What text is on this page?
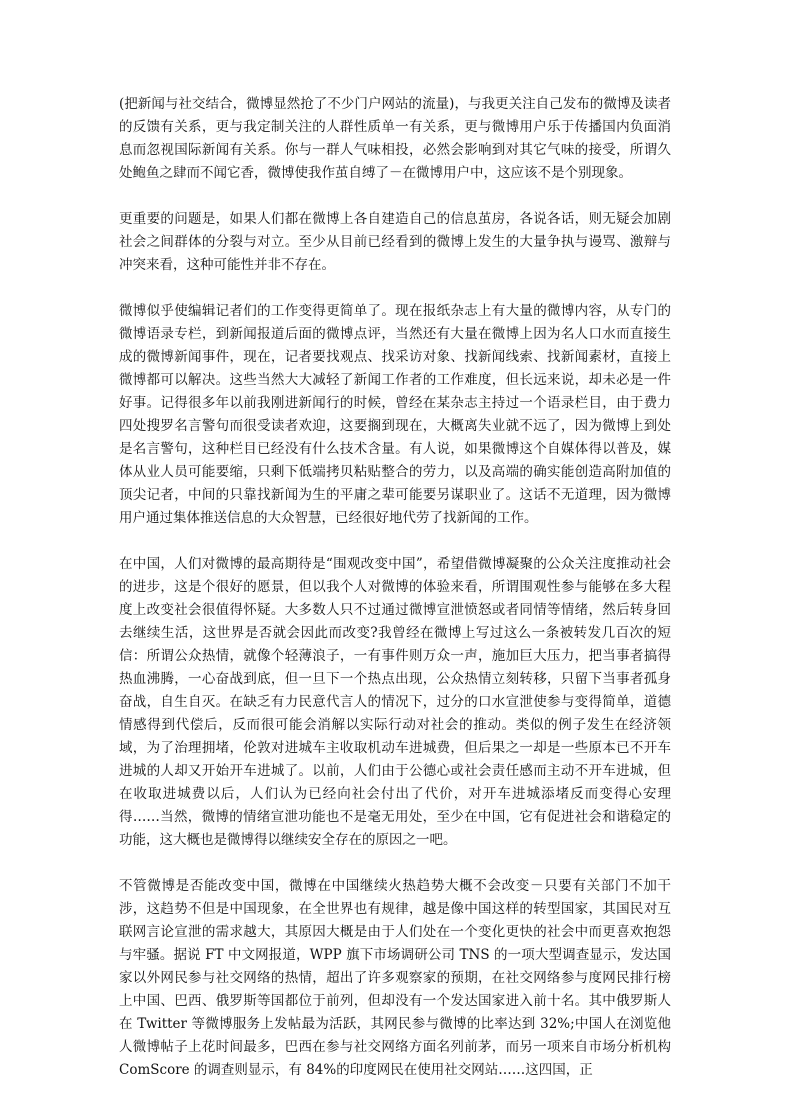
(把新闻与社交结合，微博显然抢了不少门户网站的流量)，与我更关注自己发布的微博及读者的反馈有关系，更与我定制关注的人群性质单一有关系，更与微博用户乐于传播国内负面消息而忽视国际新闻有关系。你与一群人气味相投，必然会影响到对其它气味的接受，所谓久处鲍鱼之肆而不闻它香，微博使我作茧自缚了－在微博用户中，这应该不是个别现象。

更重要的问题是，如果人们都在微博上各自建造自己的信息茧房，各说各话，则无疑会加剧社会之间群体的分裂与对立。至少从目前已经看到的微博上发生的大量争执与谩骂、激辩与冲突来看，这种可能性并非不存在。

微博似乎使编辑记者们的工作变得更简单了。现在报纸杂志上有大量的微博内容，从专门的微博语录专栏，到新闻报道后面的微博点评，当然还有大量在微博上因为名人口水而直接生成的微博新闻事件，现在，记者要找观点、找采访对象、找新闻线索、找新闻素材，直接上微博都可以解决。这些当然大大减轻了新闻工作者的工作难度，但长远来说，却未必是一件好事。记得很多年以前我刚进新闻行的时候，曾经在某杂志主持过一个语录栏目，由于费力四处搜罗名言警句而很受读者欢迎，这要搁到现在，大概离失业就不远了，因为微博上到处是名言警句，这种栏目已经没有什么技术含量。有人说，如果微博这个自媒体得以普及，媒体从业人员可能要缩，只剩下低端拷贝粘贴整合的劳力，以及高端的确实能创造高附加值的顶尖记者，中间的只靠找新闻为生的平庸之辈可能要另谋职业了。这话不无道理，因为微博用户通过集体推送信息的大众智慧，已经很好地代劳了找新闻的工作。

在中国，人们对微博的最高期待是“围观改变中国”，希望借微博凝聚的公众关注度推动社会的进步，这是个很好的愿景，但以我个人对微博的体验来看，所谓围观性参与能够在多大程度上改变社会很值得怀疑。大多数人只不过通过微博宣泄愤怒或者同情等情绪，然后转身回去继续生活，这世界是否就会因此而改变?我曾经在微博上写过这么一条被转发几百次的短信：所谓公众热情，就像个轻薄浪子，一有事件则万众一声，施加巨大压力，把当事者搞得热血沸腾，一心奋战到底，但一旦下一个热点出现，公众热情立刻转移，只留下当事者孤身奋战，自生自灭。在缺乏有力民意代言人的情况下，过分的口水宣泄使参与变得简单，道德情感得到代偿后，反而很可能会消解以实际行动对社会的推动。类似的例子发生在经济领域，为了治理拥堵，伦敦对进城车主收取机动车进城费，但后果之一却是一些原本已不开车进城的人却又开始开车进城了。以前，人们由于公德心或社会责任感而主动不开车进城，但在收取进城费以后，人们认为已经向社会付出了代价，对开车进城添堵反而变得心安理得……当然，微博的情绪宣泄功能也不是毫无用处，至少在中国，它有促进社会和谐稳定的功能，这大概也是微博得以继续安全存在的原因之一吧。

不管微博是否能改变中国，微博在中国继续火热趋势大概不会改变－只要有关部门不加干涉，这趋势不但是中国现象，在全世界也有规律，越是像中国这样的转型国家，其国民对互联网言论宣泄的需求越大，其原因大概是由于人们处在一个变化更快的社会中而更喜欢抱怨与牢骚。据说 FT 中文网报道，WPP 旗下市场调研公司 TNS 的一项大型调查显示，发达国家以外网民参与社交网络的热情，超出了许多观察家的预期，在社交网络参与度网民排行榜上中国、巴西、俄罗斯等国都位于前列，但却没有一个发达国家进入前十名。其中俄罗斯人在 Twitter 等微博服务上发帖最为活跃，其网民参与微博的比率达到 32%;中国人在浏览他人微博帖子上花时间最多，巴西在参与社交网络方面名列前茅，而另一项来自市场分析机构 ComScore 的调查则显示，有 84%的印度网民在使用社交网站……这四国，正
